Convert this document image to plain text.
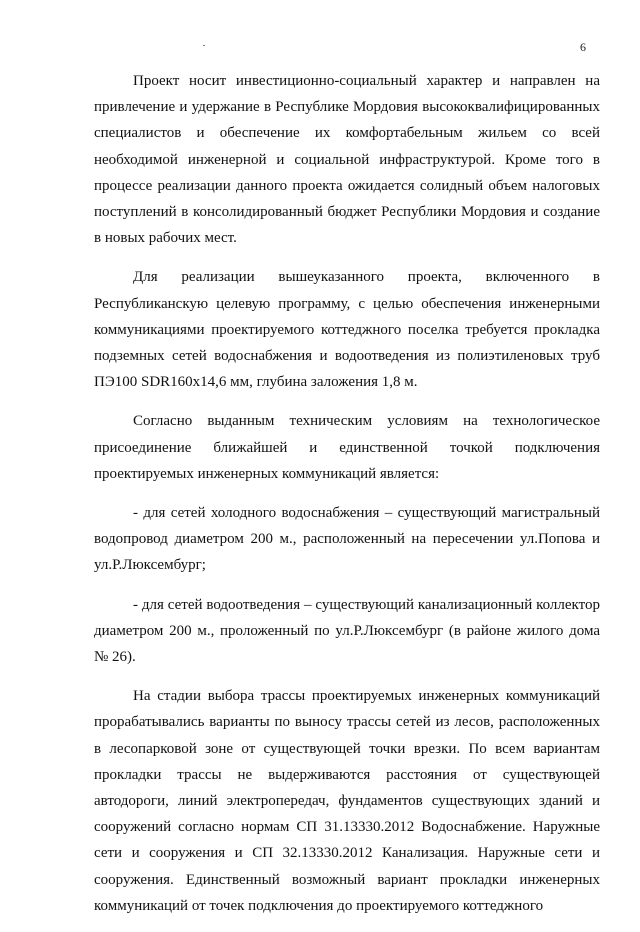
6

Проект носит инвестиционно-социальный характер и направлен на привлечение и удержание в Республике Мордовия высококвалифицированных специалистов и обеспечение их комфортабельным жильем со всей необходимой инженерной и социальной инфраструктурой. Кроме того в процессе реализации данного проекта ожидается солидный объем налоговых поступлений в консолидированный бюджет Республики Мордовия и создание в новых рабочих мест.

Для реализации вышеуказанного проекта, включенного в Республиканскую целевую программу, с целью обеспечения инженерными коммуникациями проектируемого коттеджного поселка требуется прокладка подземных сетей водоснабжения и водоотведения из полиэтиленовых труб ПЭ100 SDR160х14,6 мм, глубина заложения 1,8 м.

Согласно выданным техническим условиям на технологическое присоединение ближайшей и единственной точкой подключения проектируемых инженерных коммуникаций является:

- для сетей холодного водоснабжения – существующий магистральный водопровод диаметром 200 м., расположенный на пересечении ул.Попова и ул.Р.Люксембург;

- для сетей водоотведения – существующий канализационный коллектор диаметром 200 м., проложенный по ул.Р.Люксембург (в районе жилого дома № 26).

На стадии выбора трассы проектируемых инженерных коммуникаций прорабатывались варианты по выносу трассы сетей из лесов, расположенных в лесопарковой зоне от существующей точки врезки. По всем вариантам прокладки трассы не выдерживаются расстояния от существующей автодороги, линий электропередач, фундаментов существующих зданий и сооружений согласно нормам СП 31.13330.2012 Водоснабжение. Наружные сети и сооружения и СП 32.13330.2012 Канализация. Наружные сети и сооружения. Единственный возможный вариант прокладки инженерных коммуникаций от точек подключения до проектируемого коттеджного
